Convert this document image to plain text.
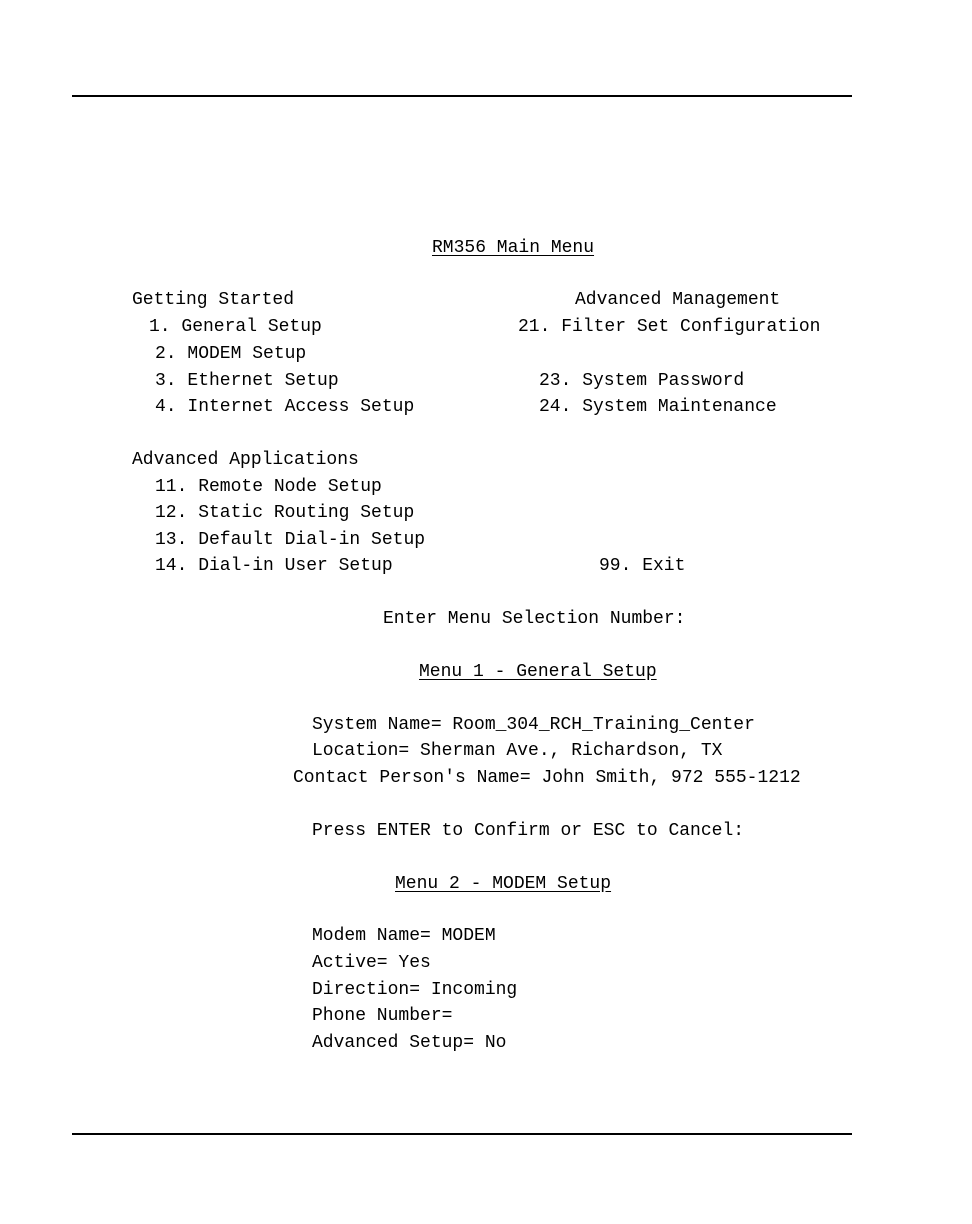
RM356 Main Menu
Getting Started
1. General Setup
2. MODEM Setup
3. Ethernet Setup
4. Internet Access Setup
Advanced Management
21. Filter Set Configuration
23. System Password
24. System Maintenance
Advanced Applications
11. Remote Node Setup
12. Static Routing Setup
13. Default Dial-in Setup
14. Dial-in User Setup	99. Exit
Enter Menu Selection Number:
Menu 1 - General Setup
System Name= Room_304_RCH_Training_Center
Location= Sherman Ave., Richardson, TX
Contact Person's Name= John Smith, 972 555-1212
Press ENTER to Confirm or ESC to Cancel:
Menu 2 - MODEM Setup
Modem Name= MODEM
Active= Yes
Direction= Incoming
Phone Number=
Advanced Setup= No
